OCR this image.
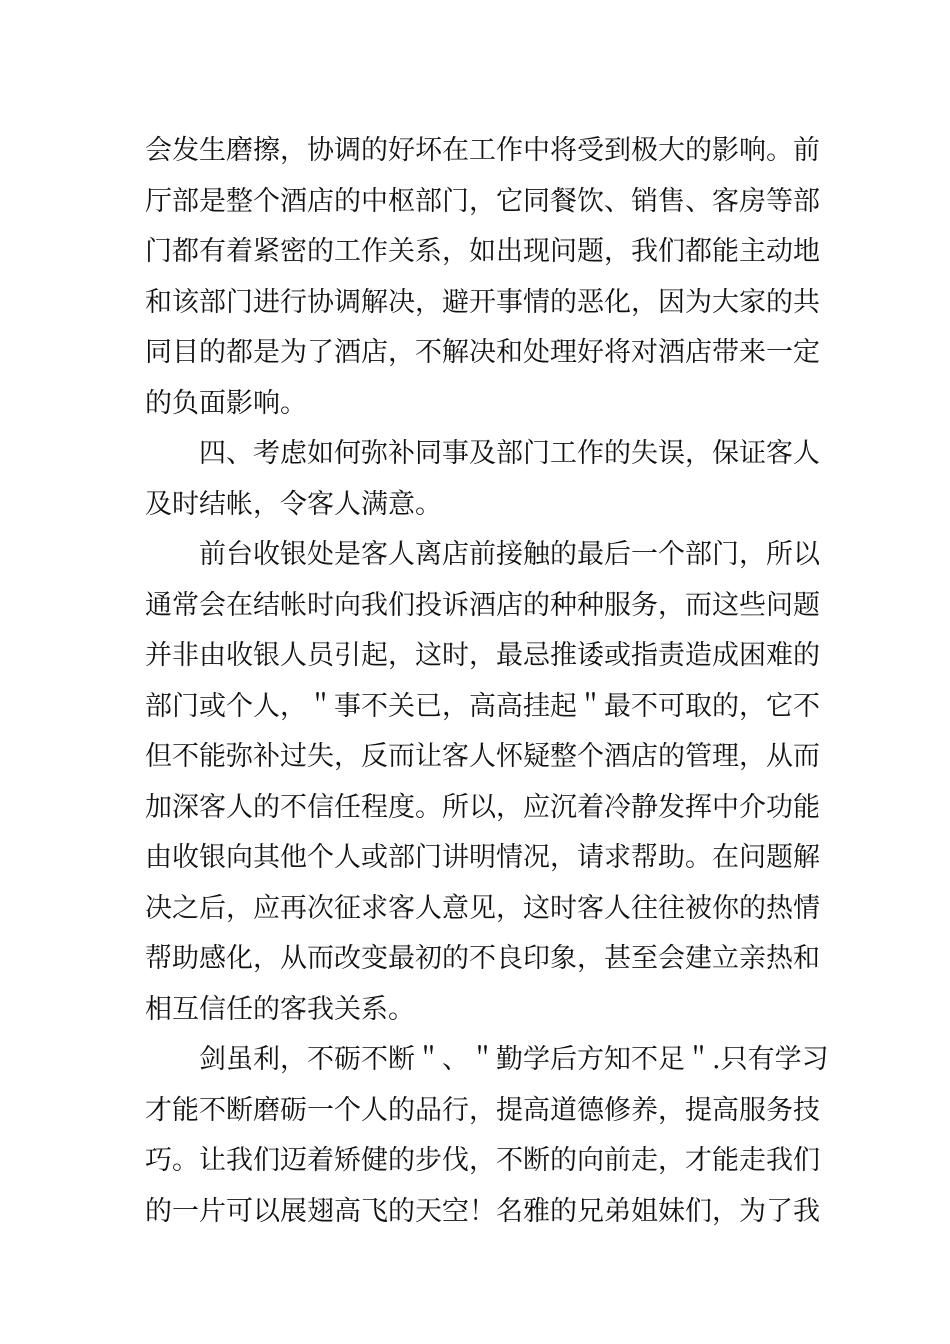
会发生磨擦，协调的好坏在工作中将受到极大的影响。前
厅部是整个酒店的中枢部门，它同餐饮、销售、客房等部
门都有着紧密的工作关系，如出现问题，我们都能主动地
和该部门进行协调解决，避开事情的恶化，因为大家的共
同目的都是为了酒店，不解决和处理好将对酒店带来一定
的负面影响。
四、考虑如何弥补同事及部门工作的失误，保证客人
及时结帐，令客人满意。
前台收银处是客人离店前接触的最后一个部门，所以
通常会在结帐时向我们投诉酒店的种种服务，而这些问题
并非由收银人员引起，这时，最忌推诿或指责造成困难的
部门或个人，＂事不关已，高高挂起＂最不可取的，它不
但不能弥补过失，反而让客人怀疑整个酒店的管理，从而
加深客人的不信任程度。所以，应沉着冷静发挥中介功能
由收银向其他个人或部门讲明情况，请求帮助。在问题解
决之后，应再次征求客人意见，这时客人往往被你的热情
帮助感化，从而改变最初的不良印象，甚至会建立亲热和
相互信任的客我关系。
剑虽利，不砺不断＂、＂勤学后方知不足＂.只有学习
才能不断磨砺一个人的品行，提高道德修养，提高服务技
巧。让我们迈着矫健的步伐，不断的向前走，才能走我们
的一片可以展翅高飞的天空！名雅的兄弟姐妹们，为了我
